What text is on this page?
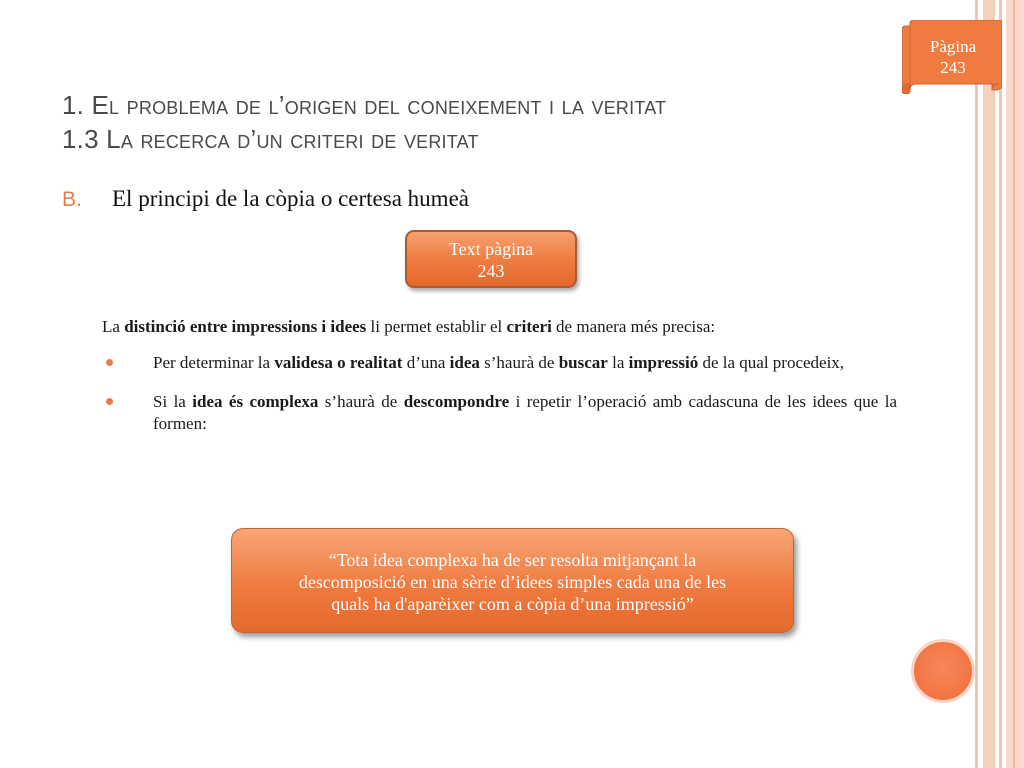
Pàgina
243
1. El problema de l’origen del coneixement i la veritat
1.3 La recerca d’un criteri de veritat
B.	El principi de la còpia o certesa humeà
Text pàgina
243

La distinció entre impressions i idees li permet establir el criteri de manera més precisa:

Per determinar la validesa o realitat d’una idea s’haurà de buscar la impressió de la qual procedeix,
Si la idea és complexa s’haurà de descompondre i repetir l’operació amb cadascuna de les idees que la formen:
“Tota idea complexa ha de ser resolta mitjançant la
descomposició en una sèrie d’idees simples cada una de les
quals ha d'aparèixer com a còpia d’una impressió”
